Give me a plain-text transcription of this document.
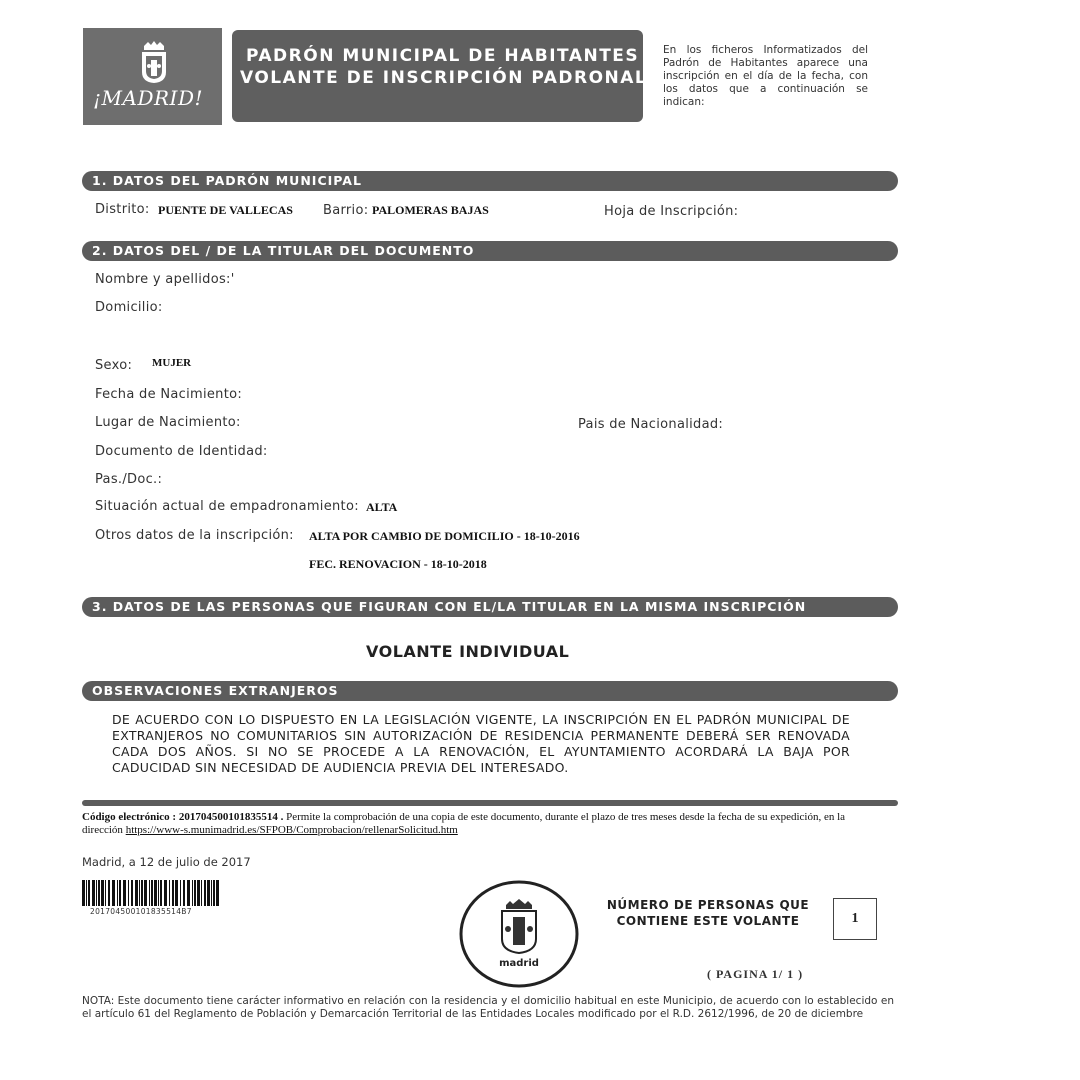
¡MADRID!
PADRÓN MUNICIPAL DE HABITANTES
VOLANTE DE INSCRIPCIÓN PADRONAL
En los ficheros Informatizados del Padrón de Habitantes aparece una inscripción en el día de la fecha, con los datos que a continuación se indican:
1. DATOS DEL PADRÓN MUNICIPAL
Distrito: PUENTE DE VALLECAS Barrio: PALOMERAS BAJAS	Hoja de Inscripción:
2. DATOS DEL / DE LA TITULAR DEL DOCUMENTO
Nombre y apellidos:'
Domicilio:
Sexo: MUJER
Fecha de Nacimiento:
Lugar de Nacimiento:	Pais de Nacionalidad:
Documento de Identidad:
Pas./Doc.:
Situación actual de empadronamiento: ALTA
Otros datos de la inscripción: ALTA POR CAMBIO DE DOMICILIO - 18-10-2016
FEC. RENOVACION - 18-10-2018
3. DATOS DE LAS PERSONAS QUE FIGURAN CON EL/LA TITULAR EN LA MISMA INSCRIPCIÓN
VOLANTE INDIVIDUAL
OBSERVACIONES EXTRANJEROS
DE ACUERDO CON LO DISPUESTO EN LA LEGISLACIÓN VIGENTE, LA INSCRIPCIÓN EN EL PADRÓN MUNICIPAL DE EXTRANJEROS NO COMUNITARIOS SIN AUTORIZACIÓN DE RESIDENCIA PERMANENTE DEBERÁ SER RENOVADA CADA DOS AÑOS. SI NO SE PROCEDE A LA RENOVACIÓN, EL AYUNTAMIENTO ACORDARÁ LA BAJA POR CADUCIDAD SIN NECESIDAD DE AUDIENCIA PREVIA DEL INTERESADO.
Código electrónico : 201704500101835514 . Permite la comprobación de una copia de este documento, durante el plazo de tres meses desde la fecha de su expedición, en la dirección https://www-s.munimadrid.es/SFPOB/Comprobacion/rellenarSolicitud.htm
Madrid, a 12 de julio de 2017
201704500101835514B7
madrid
NÚMERO DE PERSONAS QUE
CONTIENE ESTE VOLANTE	1
( PAGINA 1/ 1 )
NOTA: Este documento tiene carácter informativo en relación con la residencia y el domicilio habitual en este Municipio, de acuerdo con lo establecido en el artículo 61 del Reglamento de Población y Demarcación Territorial de las Entidades Locales modificado por el R.D. 2612/1996, de 20 de diciembre
